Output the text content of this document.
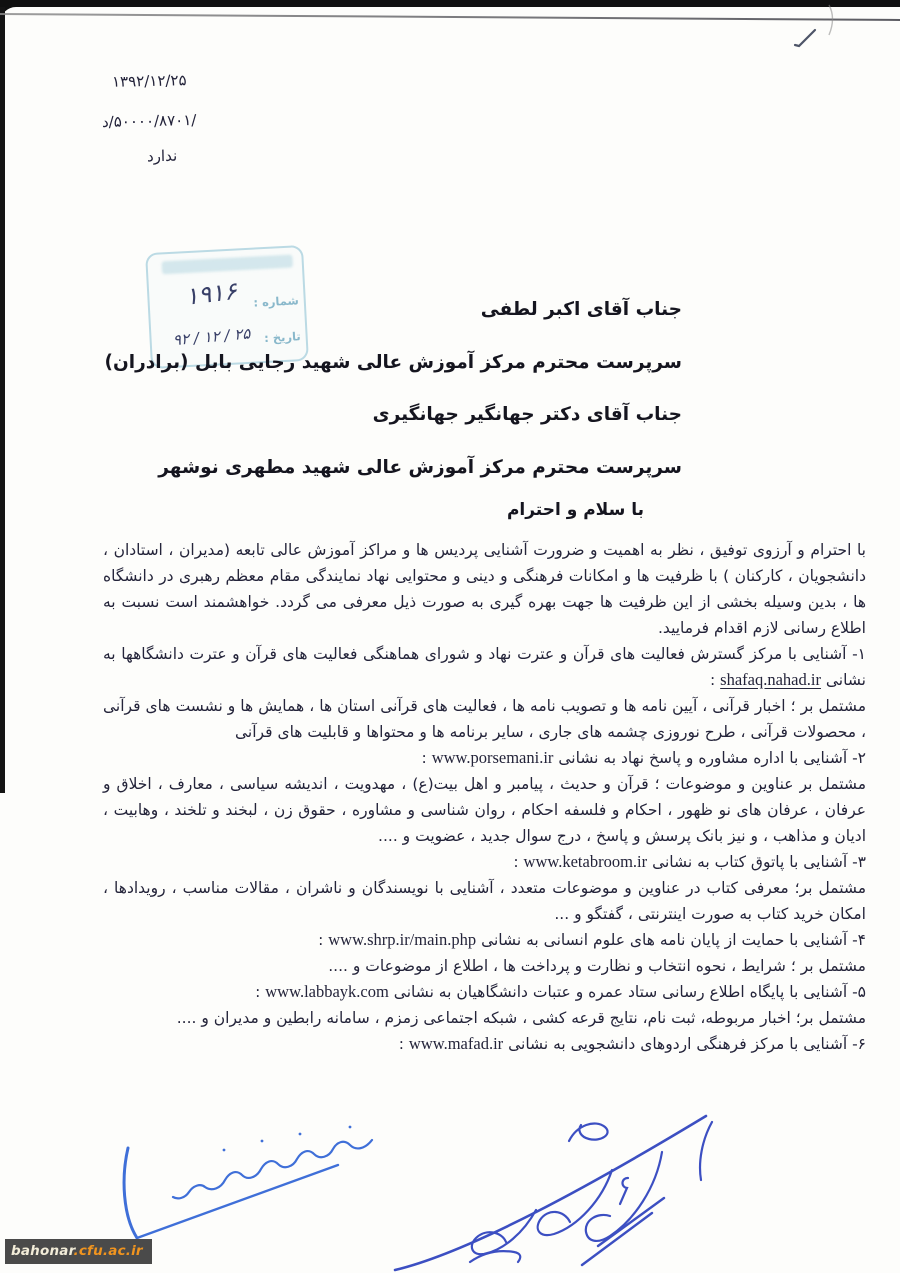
۱۳۹۲/۱۲/۲۵
/۵۰۰۰۰/۸۷۰۱/د
ندارد
شماره :
۱۹۱۶
تاریخ :
۲۵ / ۱۲ / ۹۲
جناب آقای اکبر لطفی
سرپرست محترم مرکز آموزش عالی شهید رجایی بابل (برادران)
جناب آقای دکتر جهانگیر جهانگیری
سرپرست محترم مرکز آموزش عالی شهید مطهری نوشهر
با سلام و احترام

با احترام و آرزوی توفیق ، نظر به اهمیت و ضرورت آشنایی پردیس ها و مراکز آموزش عالی تابعه (مدیران ، استادان ، دانشجویان ، کارکنان ) با ظرفیت ها و امکانات فرهنگی و دینی و محتوایی نهاد نمایندگی مقام معظم رهبری در دانشگاه ها ، بدین وسیله بخشی از این ظرفیت ها جهت بهره گیری به صورت ذیل معرفی می گردد. خواهشمند است نسبت به اطلاع رسانی لازم اقدام فرمایید.

۱- آشنایی با مرکز گسترش فعالیت های قرآن و عترت نهاد و شورای هماهنگی فعالیت های قرآن و عترت دانشگاهها به نشانی shafaq.nahad.ir :

مشتمل بر ؛ اخبار قرآنی ، آیین نامه ها و تصویب نامه ها ، فعالیت های قرآنی استان ها ، همایش ها و نشست های قرآنی ، محصولات قرآنی ، طرح نوروزی چشمه های جاری ، سایر برنامه ها و محتواها و قابلیت های قرآنی

۲- آشنایی با اداره مشاوره و پاسخ نهاد به نشانی www.porsemani.ir :

مشتمل بر عناوین و موضوعات ؛ قرآن و حدیث ، پیامبر و اهل بیت(ع) ، مهدویت ، اندیشه سیاسی ، معارف ، اخلاق و عرفان ، عرفان های نو ظهور ، احکام و فلسفه احکام ، روان شناسی و مشاوره ، حقوق زن ، لبخند و تلخند ، وهابیت ، ادیان و مذاهب ، و نیز بانک پرسش و پاسخ ، درج سوال جدید ، عضویت و ....

۳- آشنایی با پاتوق کتاب به نشانی www.ketabroom.ir :

مشتمل بر؛ معرفی کتاب در عناوین و موضوعات متعدد ، آشنایی با نویسندگان و ناشران ، مقالات مناسب ، رویدادها ، امکان خرید کتاب به صورت اینترنتی ، گفتگو و ...

۴- آشنایی با حمایت از پایان نامه های علوم انسانی به نشانی www.shrp.ir/main.php :

مشتمل بر ؛ شرایط ، نحوه انتخاب و نظارت و پرداخت ها ، اطلاع از موضوعات و ....

۵- آشنایی با پایگاه اطلاع رسانی ستاد عمره و عتبات دانشگاهیان به نشانی www.labbayk.com :

مشتمل بر؛ اخبار مربوطه، ثبت نام، نتایج قرعه کشی ، شبکه اجتماعی زمزم ، سامانه رابطین و مدیران و ....

۶- آشنایی با مرکز فرهنگی اردوهای دانشجویی به نشانی www.mafad.ir :

bahonar.cfu.ac.ir
